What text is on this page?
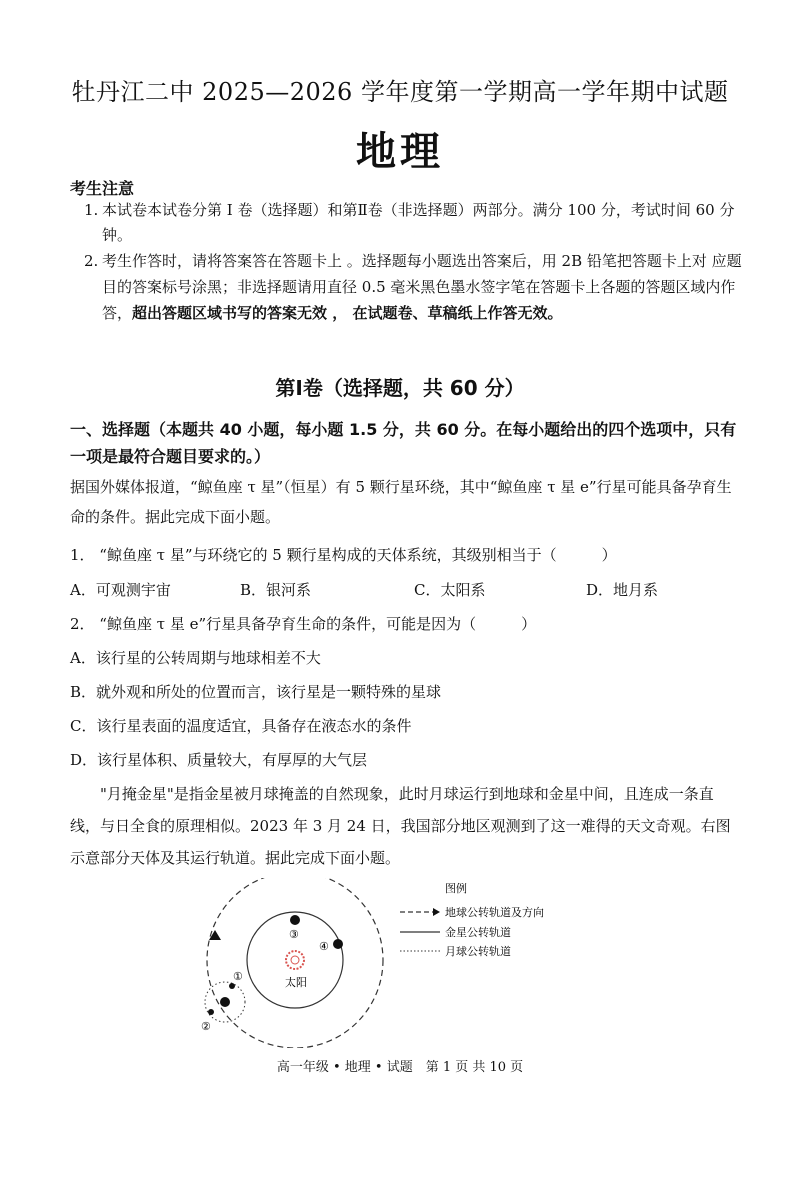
牡丹江二中 2025—2026 学年度第一学期高一学年期中试题
地理
考生注意
1. 本试卷本试卷分第 Ⅰ 卷（选择题）和第Ⅱ卷（非选择题）两部分。满分 100 分，考试时间 60 分钟。
2. 考生作答时，请将答案答在答题卡上 。选择题每小题选出答案后，用 2B 铅笔把答题卡上对 应题目的答案标号涂黑；非选择题请用直径 0.5 毫米黑色墨水签字笔在答题卡上各题的答题区域内作答，超出答题区域书写的答案无效 ， 在试题卷、草稿纸上作答无效。
第Ⅰ卷（选择题，共 60 分）
一、选择题（本题共 40 小题，每小题 1.5 分，共 60 分。在每小题给出的四个选项中，只有一项是最符合题目要求的。）
据国外媒体报道，“鲸鱼座 τ 星”（恒星）有 5 颗行星环绕，其中“鲸鱼座 τ 星 e”行星可能具备孕育生命的条件。据此完成下面小题。
1． “鲸鱼座 τ 星”与环绕它的 5 颗行星构成的天体系统，其级别相当于（　　　）
A．可观测宇宙	B．银河系	C．太阳系	D．地月系
2． “鲸鱼座 τ 星 e”行星具备孕育生命的条件，可能是因为（　　　）
A．该行星的公转周期与地球相差不大
B．就外观和所处的位置而言，该行星是一颗特殊的星球
C．该行星表面的温度适宜，具备存在液态水的条件
D．该行星体积、质量较大，有厚厚的大气层
"月掩金星"是指金星被月球掩盖的自然现象，此时月球运行到地球和金星中间，且连成一条直线，与日全食的原理相似。2023 年 3 月 24 日，我国部分地区观测到了这一难得的天文奇观。右图示意部分天体及其运行轨道。据此完成下面小题。
太阳
①
②
③
④
图例
地球公转轨道及方向
金星公转轨道
月球公转轨道
高一年级 • 地理 • 试题　第 1 页 共 10 页
